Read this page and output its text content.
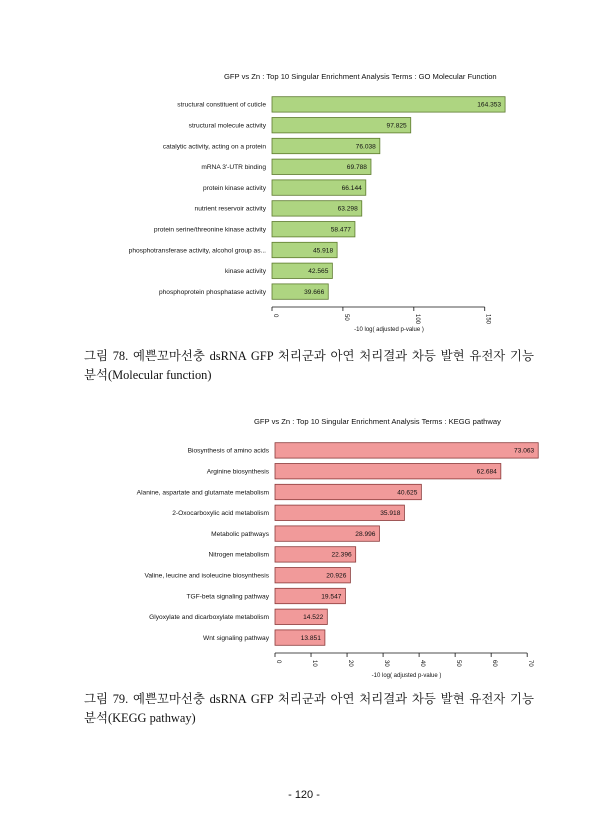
GFP vs Zn : Top 10 Singular Enrichment Analysis Terms : GO Molecular Function
structural constituent of cuticle	164.353
structural molecule activity	97.825
catalytic activity, acting on a protein	76.038
mRNA 3'-UTR binding	69.788
protein kinase activity	66.144
nutrient reservoir activity	63.298
protein serine/threonine kinase activity	58.477
phosphotransferase activity, alcohol group as...	45.918
kinase activity	42.565
phosphoprotein phosphatase activity	39.666
0	50	100	150
-10 log( adjusted p-value )
그림 78. 예쁜꼬마선충 dsRNA GFP 처리군과 아연 처리결과 차등 발현 유전자 기능
분석(Molecular function)
GFP vs Zn : Top 10 Singular Enrichment Analysis Terms : KEGG pathway
Biosynthesis of amino acids	73.063
Arginine biosynthesis	62.684
Alanine, aspartate and glutamate metabolism	40.625
2-Oxocarboxylic acid metabolism	35.918
Metabolic pathways	28.996
Nitrogen metabolism	22.396
Valine, leucine and isoleucine biosynthesis	20.926
TGF-beta signaling pathway	19.547
Glyoxylate and dicarboxylate metabolism	14.522
Wnt signaling pathway	13.851
0	10	20	30	40	50	60	70
-10 log( adjusted p-value )
그림 79. 예쁜꼬마선충 dsRNA GFP 처리군과 아연 처리결과 차등 발현 유전자 기능
분석(KEGG pathway)
- 120 -
